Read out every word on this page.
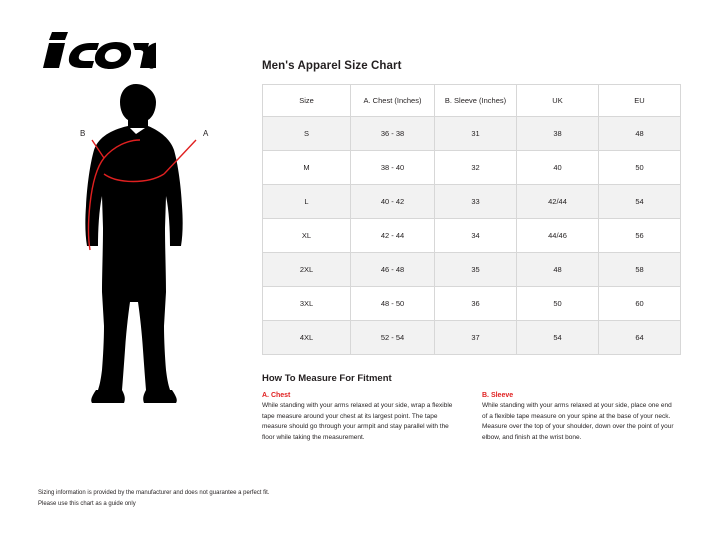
R
A
B
Men's Apparel Size Chart
Size	A. Chest (Inches)	B. Sleeve (Inches)	UK	EU
S	36 - 38	31	38	48
M	38 - 40	32	40	50
L	40 - 42	33	42/44	54
XL	42 - 44	34	44/46	56
2XL	46 - 48	35	48	58
3XL	48 - 50	36	50	60
4XL	52 - 54	37	54	64
How To Measure For Fitment

A. Chest

While standing with your arms relaxed at your side, wrap a flexible tape measure around your chest at its largest point. The tape measure should go through your armpit and stay parallel with the floor while taking the measurement.

B. Sleeve

While standing with your arms relaxed at your side, place one end of a flexible tape measure on your spine at the base of your neck. Measure over the top of your shoulder, down over the point of your elbow, and finish at the wrist bone.

Sizing information is provided by the manufacturer and does not guarantee a perfect fit.

Please use this chart as a guide only
